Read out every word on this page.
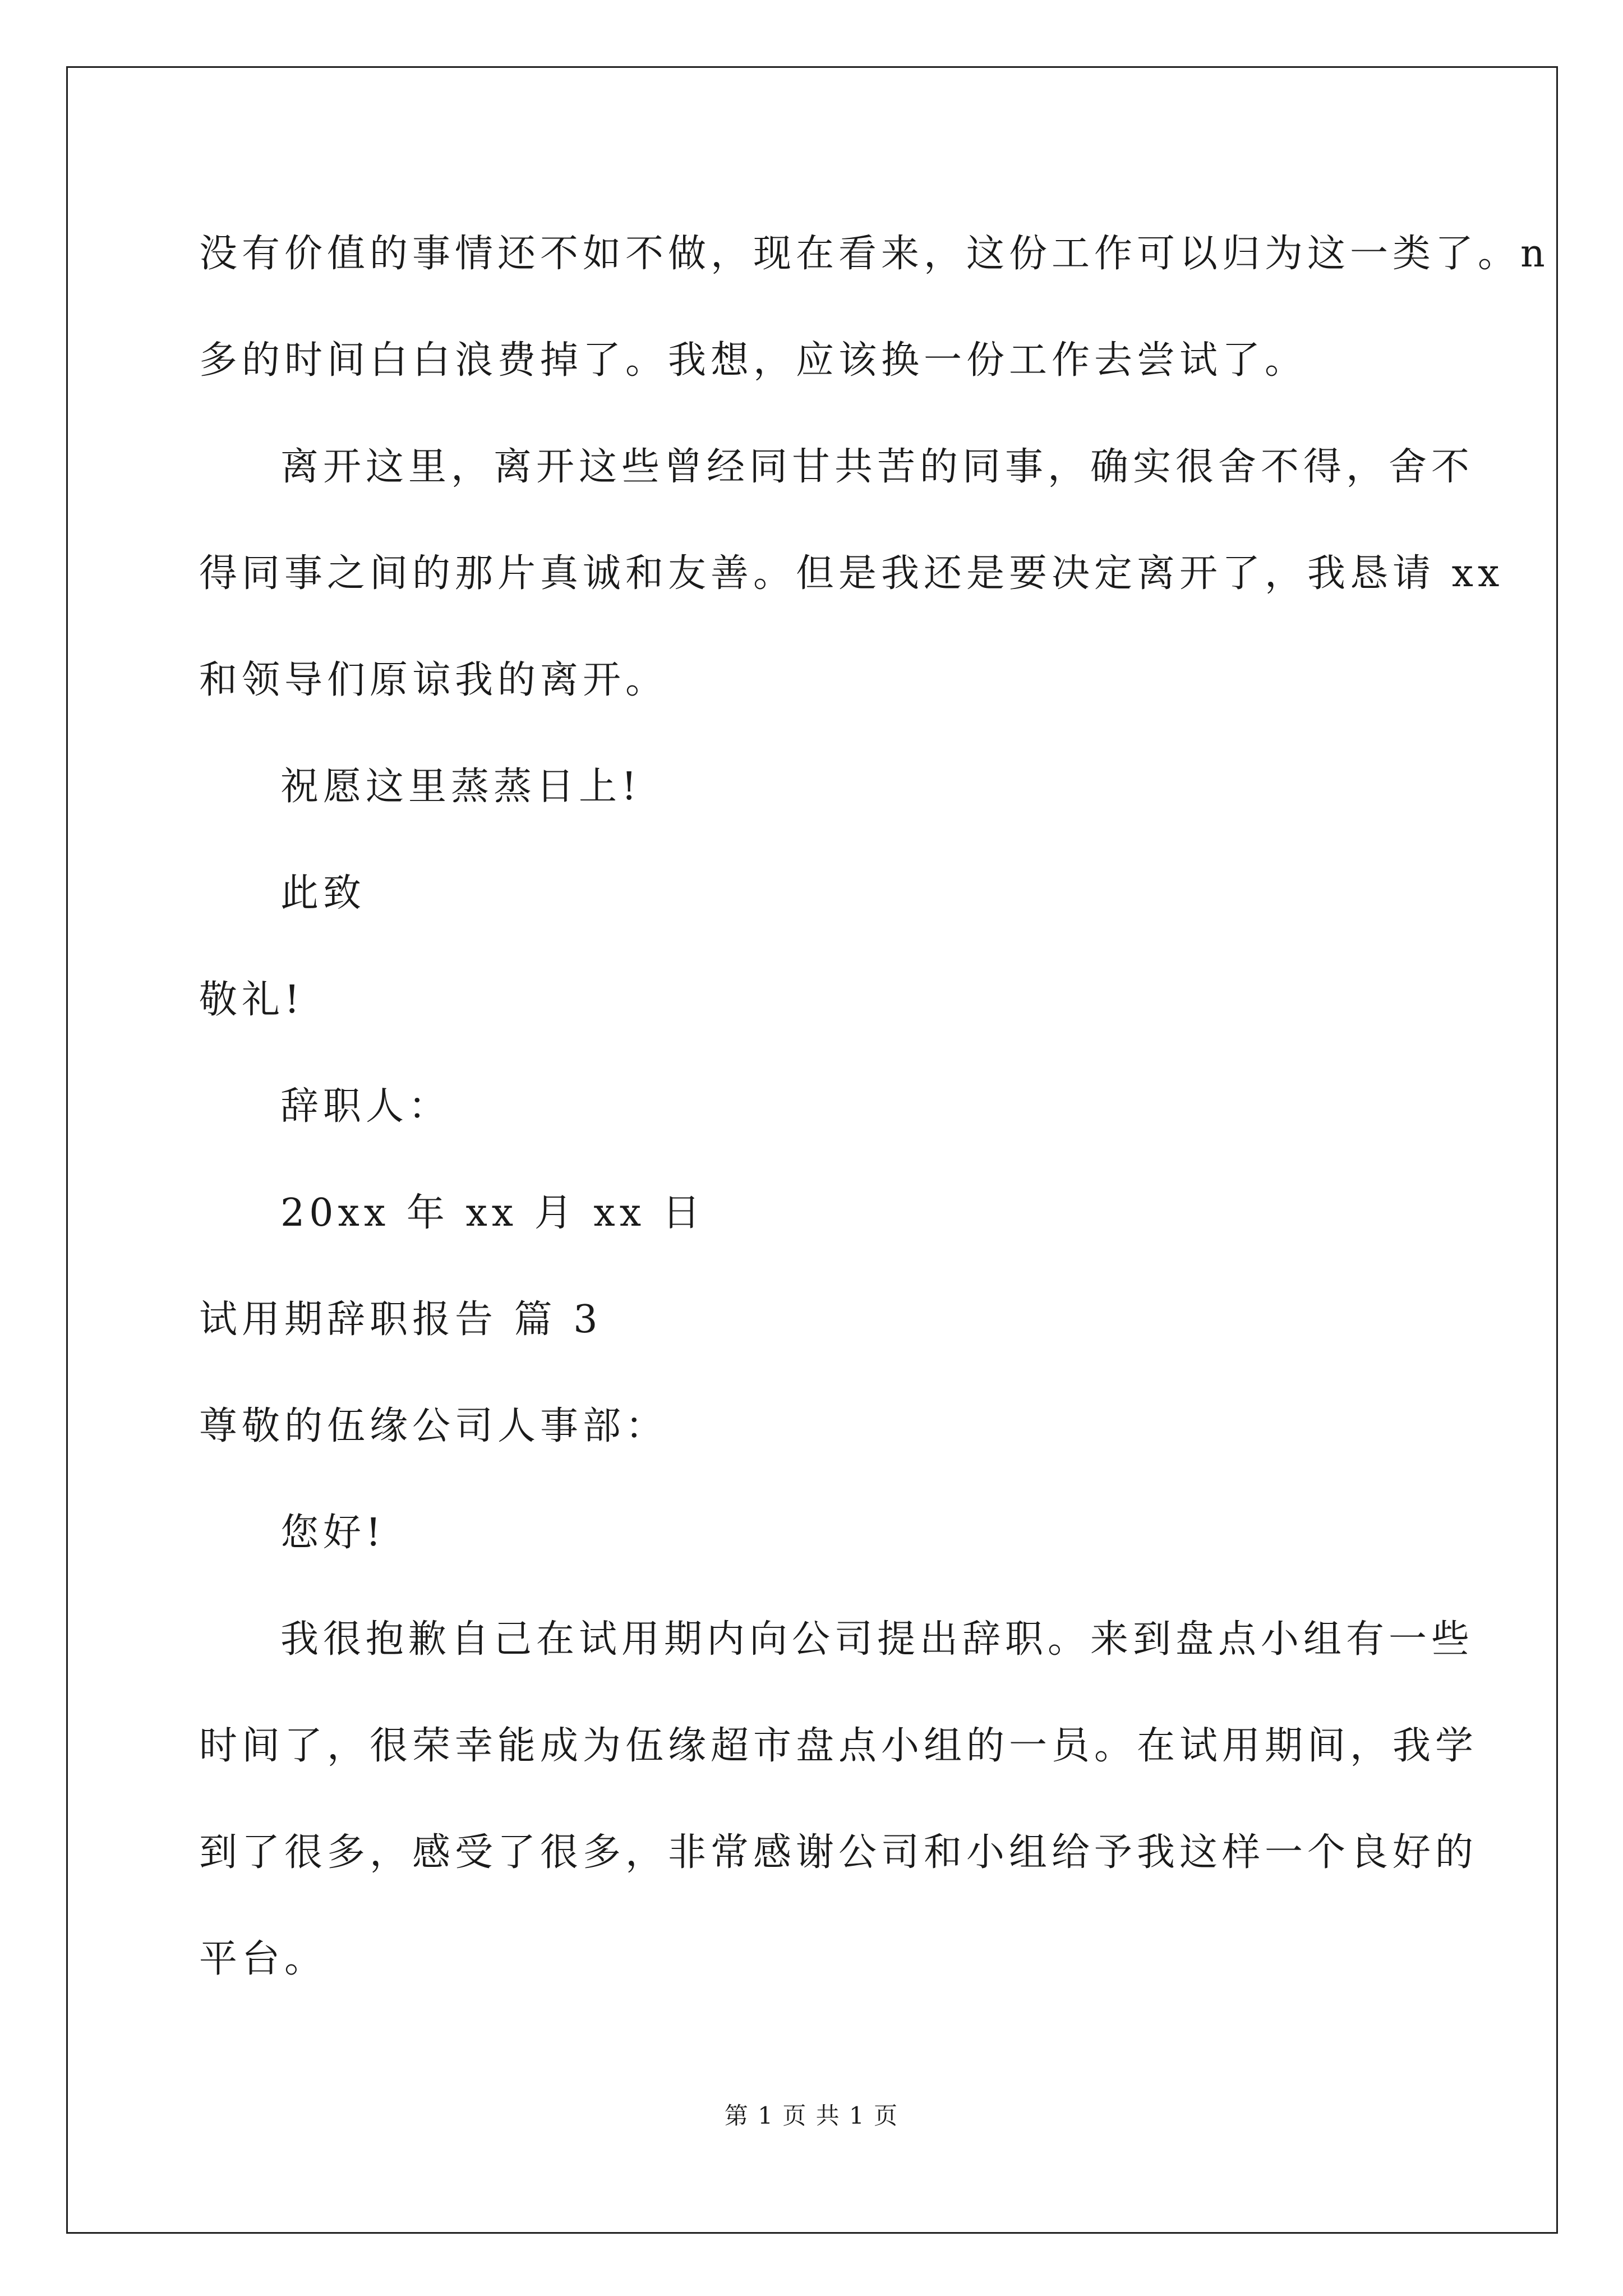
没有价值的事情还不如不做，现在看来，这份工作可以归为这一类了。n
多的时间白白浪费掉了。我想，应该换一份工作去尝试了。
离开这里，离开这些曾经同甘共苦的同事，确实很舍不得，舍不
得同事之间的那片真诚和友善。但是我还是要决定离开了，我恳请 xx
和领导们原谅我的离开。
祝愿这里蒸蒸日上!
此致
敬礼!
辞职人：
20xx 年 xx 月 xx 日
试用期辞职报告 篇 3
尊敬的伍缘公司人事部：
您好!
我很抱歉自己在试用期内向公司提出辞职。来到盘点小组有一些
时间了，很荣幸能成为伍缘超市盘点小组的一员。在试用期间，我学
到了很多，感受了很多，非常感谢公司和小组给予我这样一个良好的
平台。
第 1 页 共 1 页
